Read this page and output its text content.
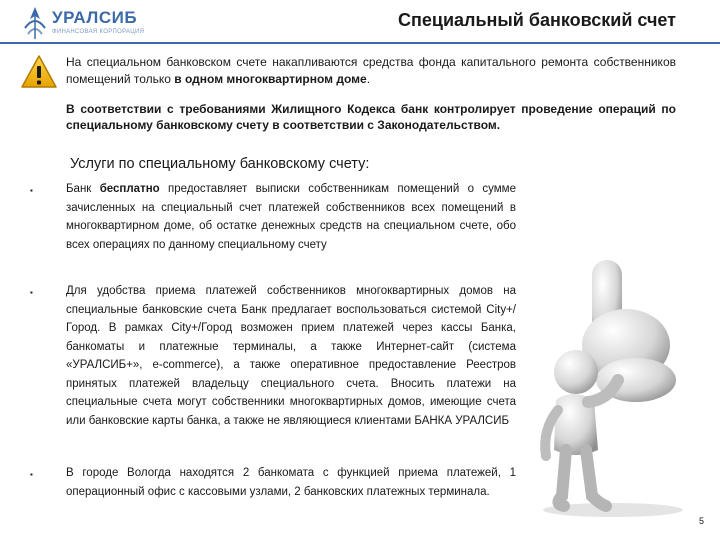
УРАЛСИБ
ФИНАНСОВАЯ КОРПОРАЦИЯ
Специальный банковский счет

На специальном банковском счете накапливаются средства фонда капитального ремонта собственников помещений только в одном многоквартирном доме.

В соответствии с требованиями Жилищного Кодекса банк контролирует проведение операций по специальному банковскому счету в соответствии с Законодательством.

Услуги по специальному банковскому счету:
▪	Банк бесплатно предоставляет выписки собственникам помещений о сумме зачисленных на специальный счет платежей собственников всех помещений в многоквартирном доме, об остатке денежных средств на специальном счете, обо всех операциях по данному специальному счету

▪	Для удобства приема платежей собственников многоквартирных домов на специальные банковские счета Банк предлагает воспользоваться системой City+/Город. В рамках City+/Город возможен прием платежей через кассы Банка, банкоматы и платежные терминалы, а также Интернет-сайт (система «УРАЛСИБ+», e-commerce), а также оперативное предоставление Реестров принятых платежей владельцу специального счета. Вносить платежи на специальные счета могут собственники многоквартирных домов, имеющие счета или банковские карты банка, а также не являющиеся клиентами БАНКА УРАЛСИБ

▪	В городе Вологда находятся 2 банкомата с функцией приема платежей, 1 операционный офис с кассовыми узлами, 2 банковских платежных терминала.

5
